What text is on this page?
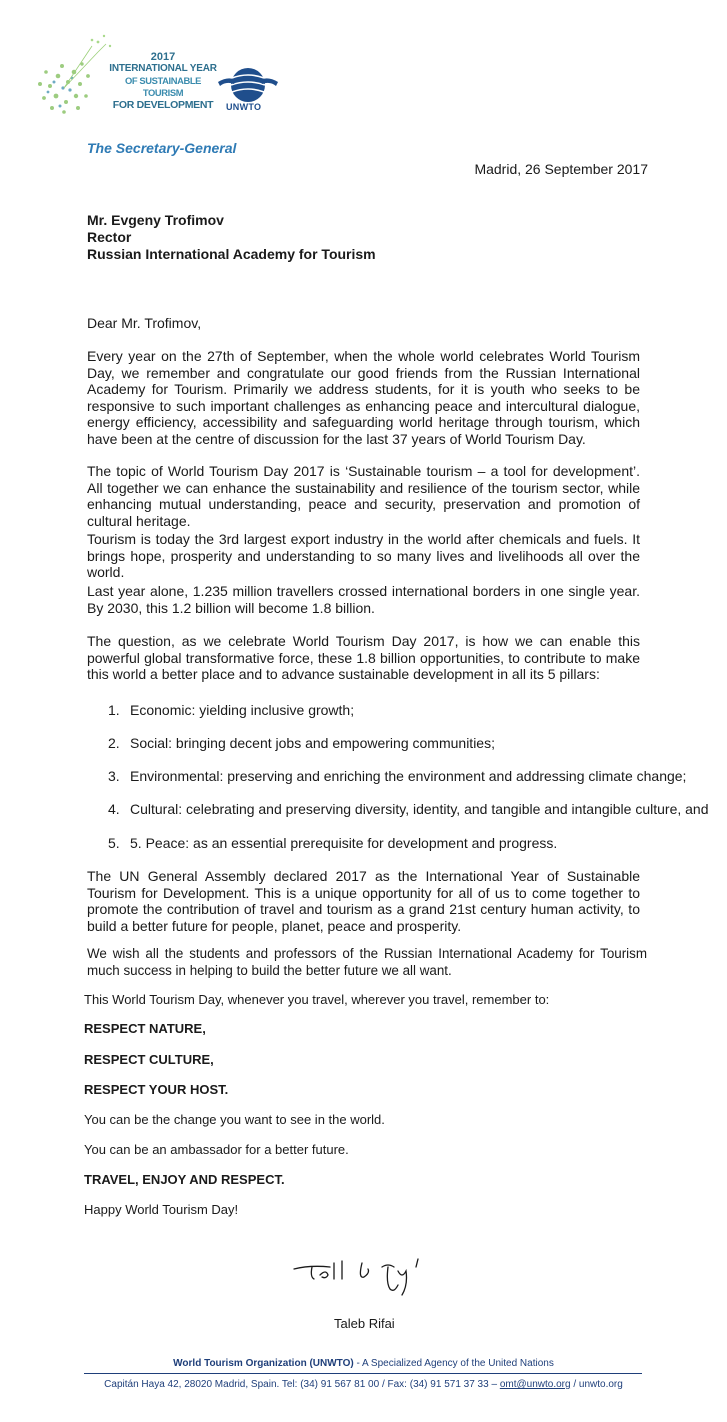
2017
INTERNATIONAL YEAR
OF SUSTAINABLE TOURISM
FOR DEVELOPMENT	UNWTO
The Secretary-General
Madrid, 26 September 2017
Mr. Evgeny Trofimov
Rector
Russian International Academy for Tourism
Dear Mr. Trofimov,
Every year on the 27th of September, when the whole world celebrates World Tourism Day, we remember and congratulate our good friends from the Russian International Academy for Tourism. Primarily we address students, for it is youth who seeks to be responsive to such important challenges as enhancing peace and intercultural dialogue, energy efficiency, accessibility and safeguarding world heritage through tourism, which have been at the centre of discussion for the last 37 years of World Tourism Day.
The topic of World Tourism Day 2017 is ‘Sustainable tourism – a tool for development’. All together we can enhance the sustainability and resilience of the tourism sector, while enhancing mutual understanding, peace and security, preservation and promotion of cultural heritage.
Tourism is today the 3rd largest export industry in the world after chemicals and fuels. It brings hope, prosperity and understanding to so many lives and livelihoods all over the world.
Last year alone, 1.235 million travellers crossed international borders in one single year. By 2030, this 1.2 billion will become 1.8 billion.
The question, as we celebrate World Tourism Day 2017, is how we can enable this powerful global transformative force, these 1.8 billion opportunities, to contribute to make this world a better place and to advance sustainable development in all its 5 pillars:
1. Economic: yielding inclusive growth;
2. Social: bringing decent jobs and empowering communities;
3. Environmental: preserving and enriching the environment and addressing climate change;
4. Cultural: celebrating and preserving diversity, identity, and tangible and intangible culture, and
5. 5. Peace: as an essential prerequisite for development and progress.
The UN General Assembly declared 2017 as the International Year of Sustainable Tourism for Development. This is a unique opportunity for all of us to come together to promote the contribution of travel and tourism as a grand 21st century human activity, to build a better future for people, planet, peace and prosperity.
We wish all the students and professors of the Russian International Academy for Tourism much success in helping to build the better future we all want.
This World Tourism Day, whenever you travel, wherever you travel, remember to:
RESPECT NATURE,
RESPECT CULTURE,
RESPECT YOUR HOST.
You can be the change you want to see in the world.
You can be an ambassador for a better future.
TRAVEL, ENJOY AND RESPECT.
Happy World Tourism Day!
Taleb Rifai
World Tourism Organization (UNWTO) - A Specialized Agency of the United Nations
Capitán Haya 42, 28020 Madrid, Spain. Tel: (34) 91 567 81 00 / Fax: (34) 91 571 37 33 – omt@unwto.org / unwto.org
